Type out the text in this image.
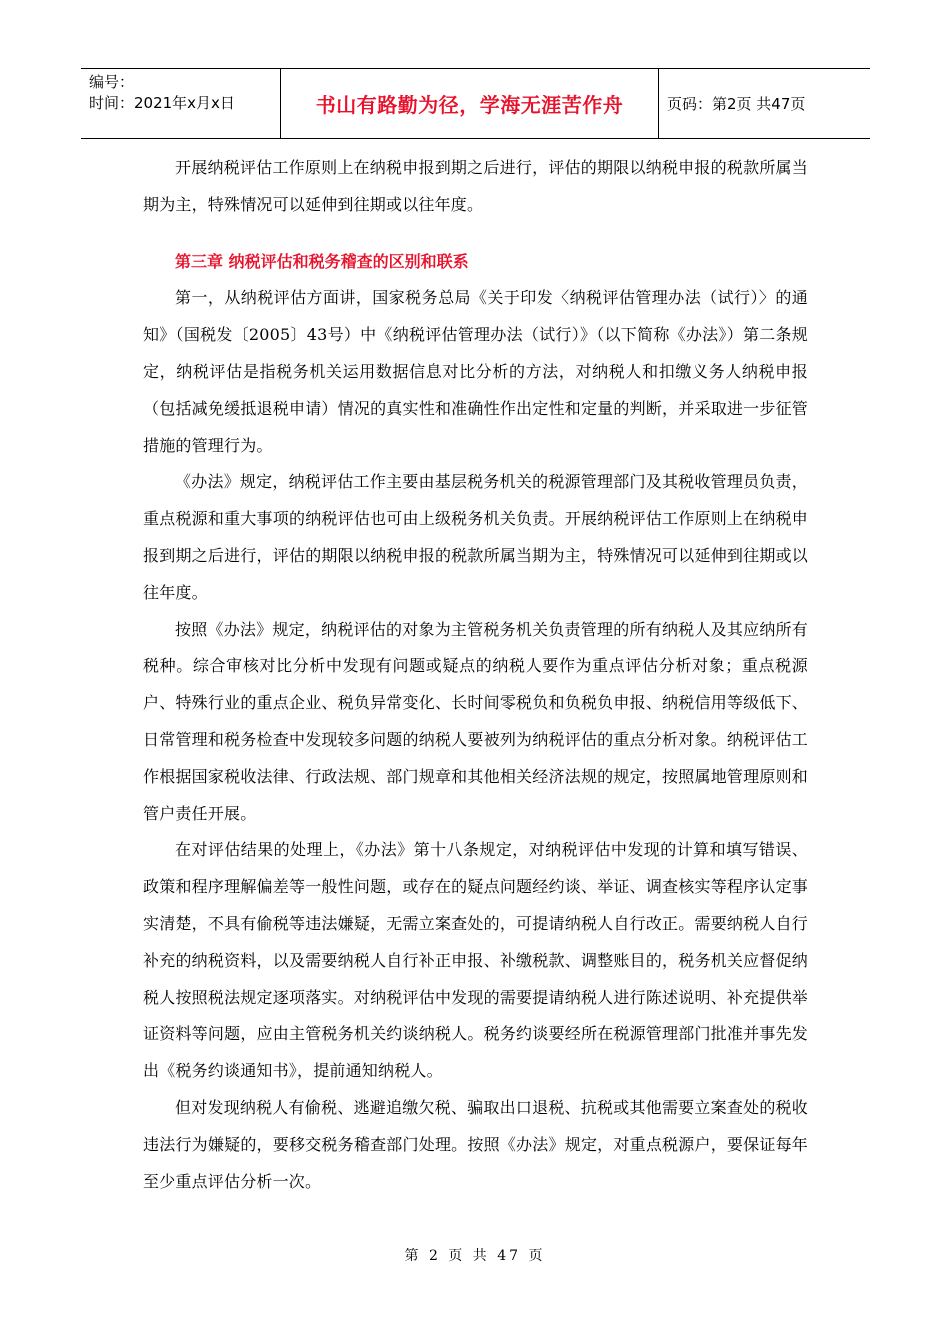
编号：
时间：2021年x月x日	书山有路勤为径，学海无涯苦作舟	页码：第2页 共47页

开展纳税评估工作原则上在纳税申报到期之后进行，评估的期限以纳税申报的税款所属当期为主，特殊情况可以延伸到往期或以往年度。

第三章 纳税评估和税务稽查的区别和联系

第一，从纳税评估方面讲，国家税务总局《关于印发〈纳税评估管理办法（试行）〉的通知》（国税发〔2005〕43号）中《纳税评估管理办法（试行）》（以下简称《办法》）第二条规定，纳税评估是指税务机关运用数据信息对比分析的方法，对纳税人和扣缴义务人纳税申报（包括减免缓抵退税申请）情况的真实性和准确性作出定性和定量的判断，并采取进一步征管措施的管理行为。

《办法》规定，纳税评估工作主要由基层税务机关的税源管理部门及其税收管理员负责，重点税源和重大事项的纳税评估也可由上级税务机关负责。开展纳税评估工作原则上在纳税申报到期之后进行，评估的期限以纳税申报的税款所属当期为主，特殊情况可以延伸到往期或以往年度。

按照《办法》规定，纳税评估的对象为主管税务机关负责管理的所有纳税人及其应纳所有税种。综合审核对比分析中发现有问题或疑点的纳税人要作为重点评估分析对象；重点税源户、特殊行业的重点企业、税负异常变化、长时间零税负和负税负申报、纳税信用等级低下、日常管理和税务检查中发现较多问题的纳税人要被列为纳税评估的重点分析对象。纳税评估工作根据国家税收法律、行政法规、部门规章和其他相关经济法规的规定，按照属地管理原则和管户责任开展。

在对评估结果的处理上，《办法》第十八条规定，对纳税评估中发现的计算和填写错误、政策和程序理解偏差等一般性问题，或存在的疑点问题经约谈、举证、调查核实等程序认定事实清楚，不具有偷税等违法嫌疑，无需立案查处的，可提请纳税人自行改正。需要纳税人自行补充的纳税资料，以及需要纳税人自行补正申报、补缴税款、调整账目的，税务机关应督促纳税人按照税法规定逐项落实。对纳税评估中发现的需要提请纳税人进行陈述说明、补充提供举证资料等问题，应由主管税务机关约谈纳税人。税务约谈要经所在税源管理部门批准并事先发出《税务约谈通知书》，提前通知纳税人。

但对发现纳税人有偷税、逃避追缴欠税、骗取出口退税、抗税或其他需要立案查处的税收违法行为嫌疑的，要移交税务稽查部门处理。按照《办法》规定，对重点税源户，要保证每年至少重点评估分析一次。

第 2 页 共 47 页
